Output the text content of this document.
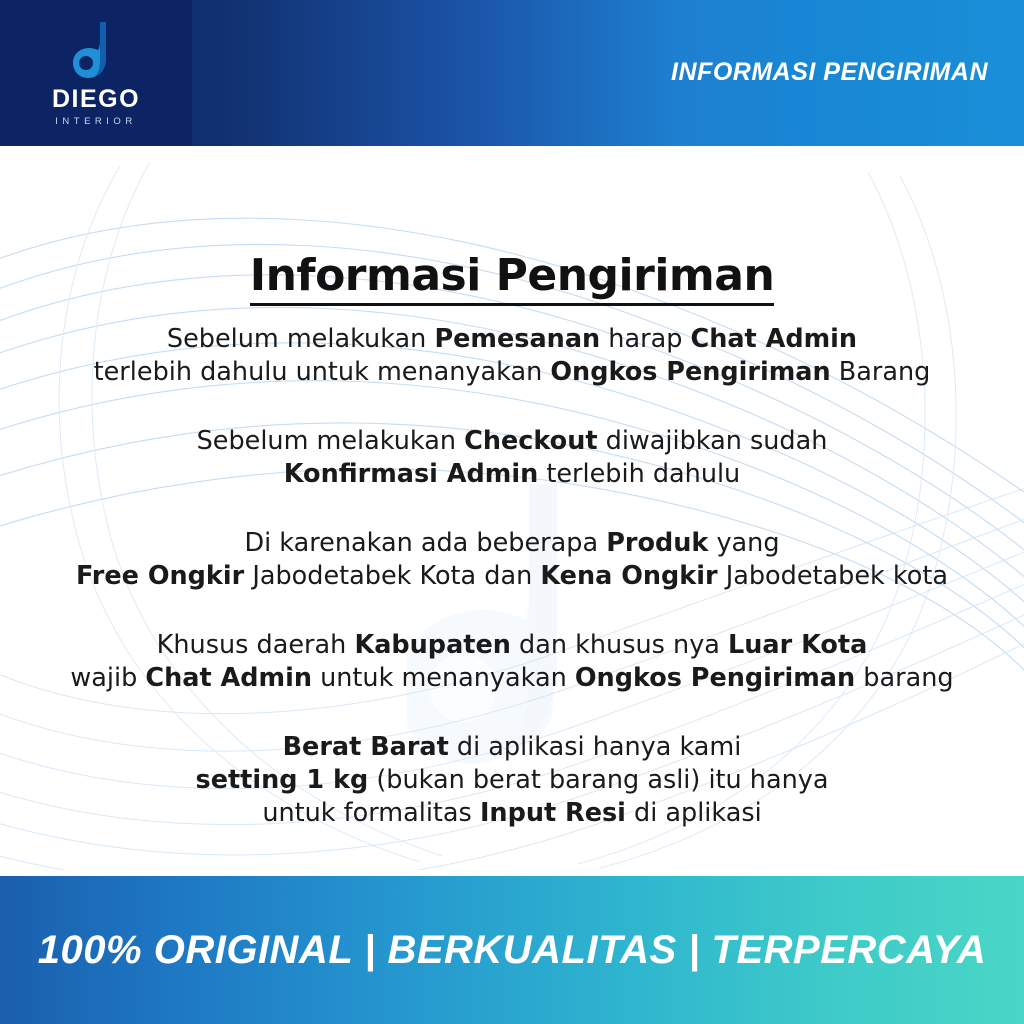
DIEGO
INTERIOR
INFORMASI PENGIRIMAN
Informasi Pengiriman
Sebelum melakukan Pemesanan harap Chat Admin
terlebih dahulu untuk menanyakan Ongkos Pengiriman Barang
Sebelum melakukan Checkout diwajibkan sudah
Konfirmasi Admin terlebih dahulu
Di karenakan ada beberapa Produk yang
Free Ongkir Jabodetabek Kota dan Kena Ongkir Jabodetabek kota
Khusus daerah Kabupaten dan khusus nya Luar Kota
wajib Chat Admin untuk menanyakan Ongkos Pengiriman barang
Berat Barat di aplikasi hanya kami
setting 1 kg (bukan berat barang asli) itu hanya
untuk formalitas Input Resi di aplikasi
100% ORIGINAL | BERKUALITAS | TERPERCAYA
